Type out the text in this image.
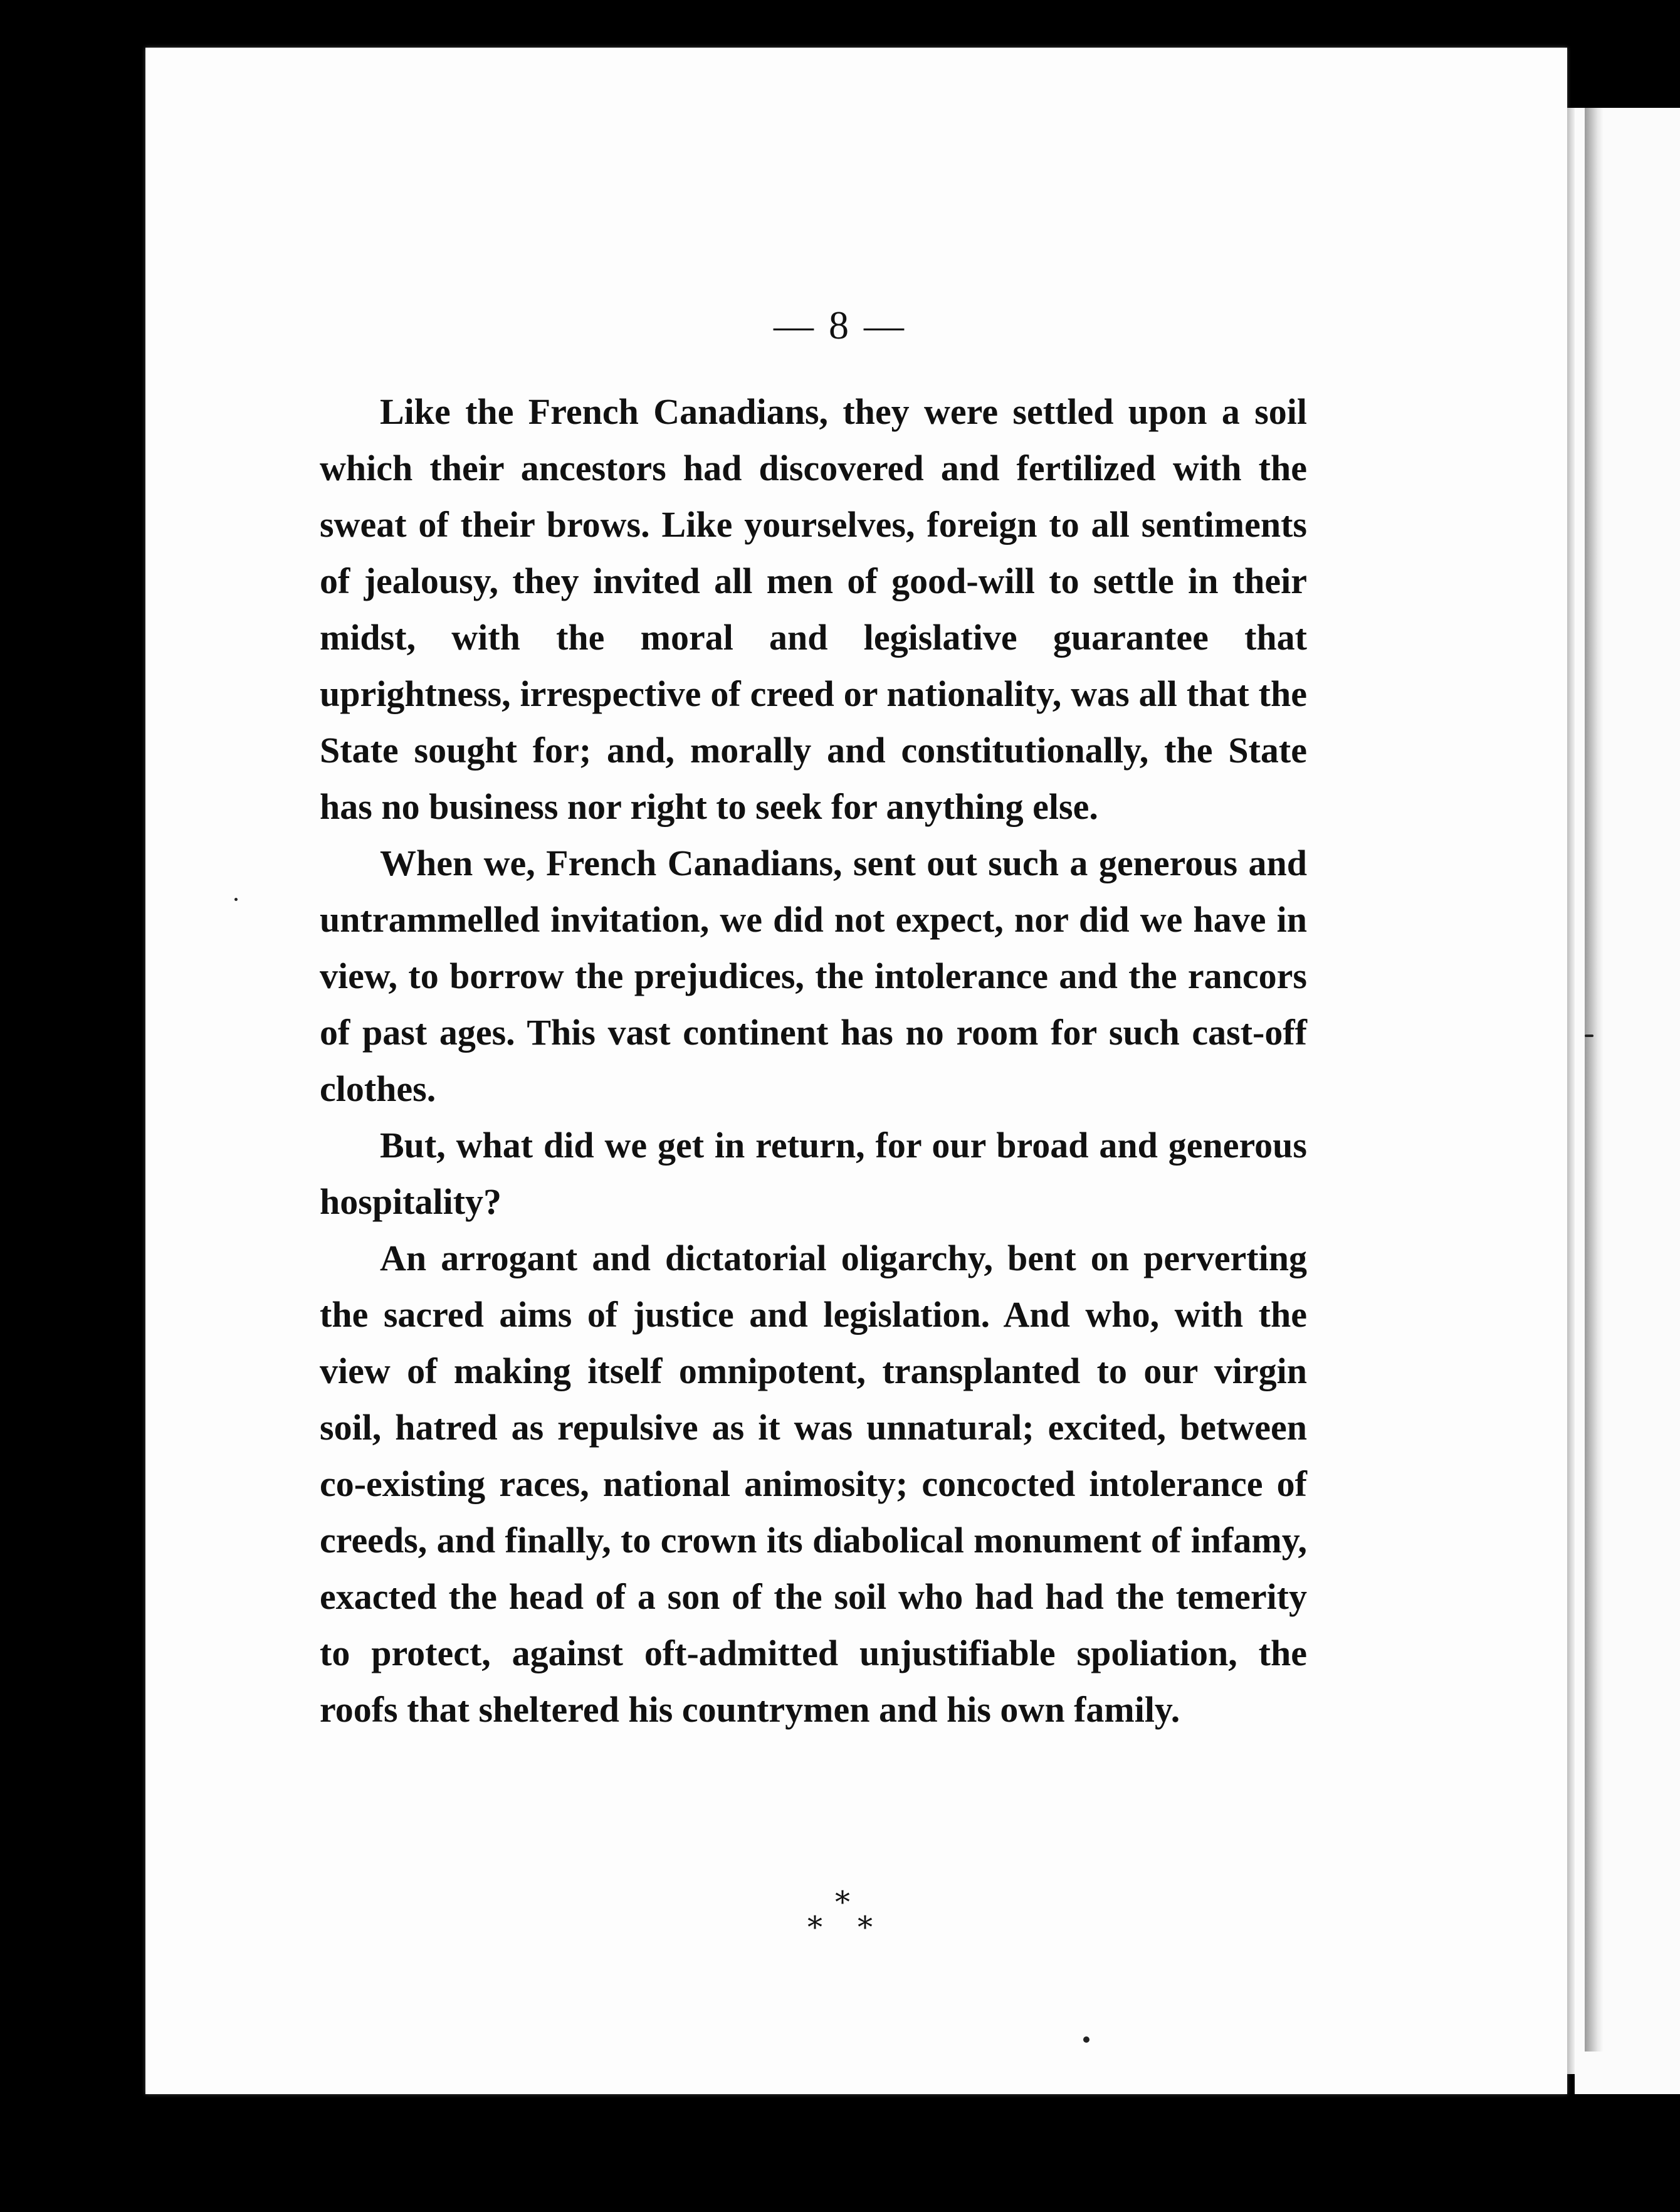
— 8 —

Like the French Canadians, they were settled upon a soil which their ancestors had discovered and fertilized with the sweat of their brows. Like yourselves, foreign to all sentiments of jealousy, they invited all men of good-will to settle in their midst, with the moral and legislative guarantee that uprightness, irrespective of creed or nationality, was all that the State sought for; and, morally and constitutionally, the State has no business nor right to seek for anything else.

When we, French Canadians, sent out such a generous and untrammelled invitation, we did not expect, nor did we have in view, to borrow the prejudices, the intolerance and the rancors of past ages. This vast continent has no room for such cast-off clothes.

But, what did we get in return, for our broad and generous hospitality?

An arrogant and dictatorial oligarchy, bent on perverting the sacred aims of justice and legislation. And who, with the view of making itself omnipotent, transplanted to our virgin soil, hatred as repulsive as it was unnatural; excited, between co-existing races, national animosity; concocted intolerance of creeds, and finally, to crown its diabolical monument of infamy, exacted the head of a son of the soil who had had the temerity to protect, against oft-admitted unjustifiable spoliation, the roofs that sheltered his countrymen and his own family.

*
**
